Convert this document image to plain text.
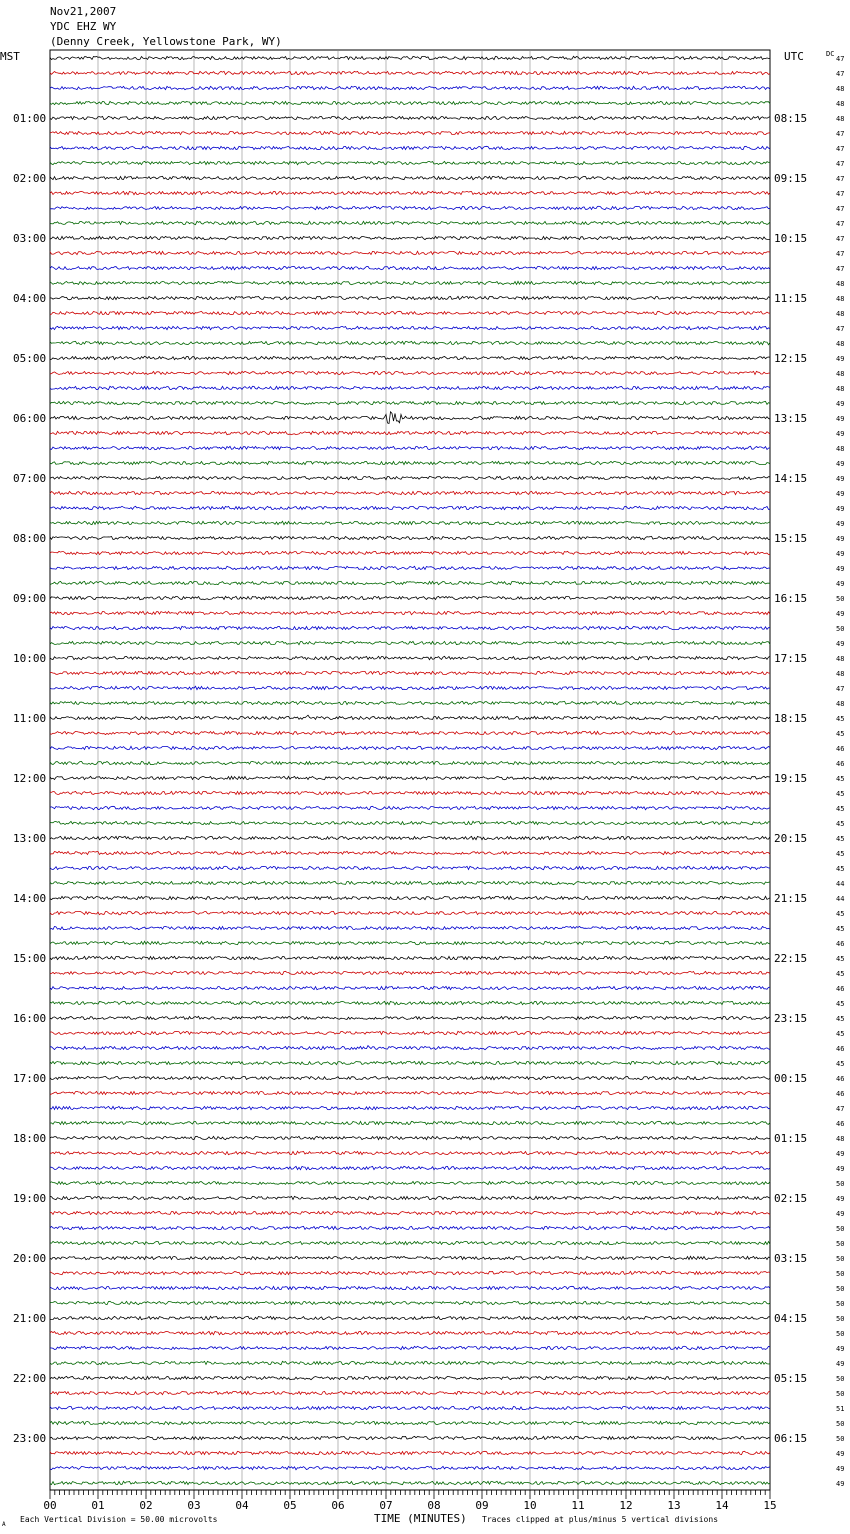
Nov21,2007
YDC EHZ WY
(Denny Creek, Yellowstone Park, WY)
MST	UTC	DC
A
Each Vertical Division = 50.00 microvolts	TIME (MINUTES) Traces clipped at plus/minus 5 vertical divisions
47
47
48
48
48
01:00	08:15
47
47
47
47
02:00	09:15
47
47
47
47
03:00	10:15
47
47
48
48
04:00	11:15
48
47
48
49
05:00	12:15
48
48
49
49
06:00	13:15
49
48
49
49
07:00	14:15
49
49
49
49
08:00	15:15
49
49
49
50
09:00	16:15
49
50
49
48
10:00	17:15
48
47
48
45
11:00	18:15
45
46
46
45
12:00	19:15
45
45
45
45
13:00	20:15
45
45
44
44
14:00	21:15
45
45
46
45
15:00	22:15
45
46
45
45
16:00	23:15
45
46
45
46
17:00	00:15
46
47
46
48
18:00	01:15
49
49
50
49
19:00	02:15
49
50
50
50
20:00	03:15
50
50
50
50
21:00	04:15
50
49
49
50
22:00	05:15
50
51
50
50
23:00	06:15
49
49
49
00	01	02	03	04	05	06	07	08	09	10	11	12	13	14	15
